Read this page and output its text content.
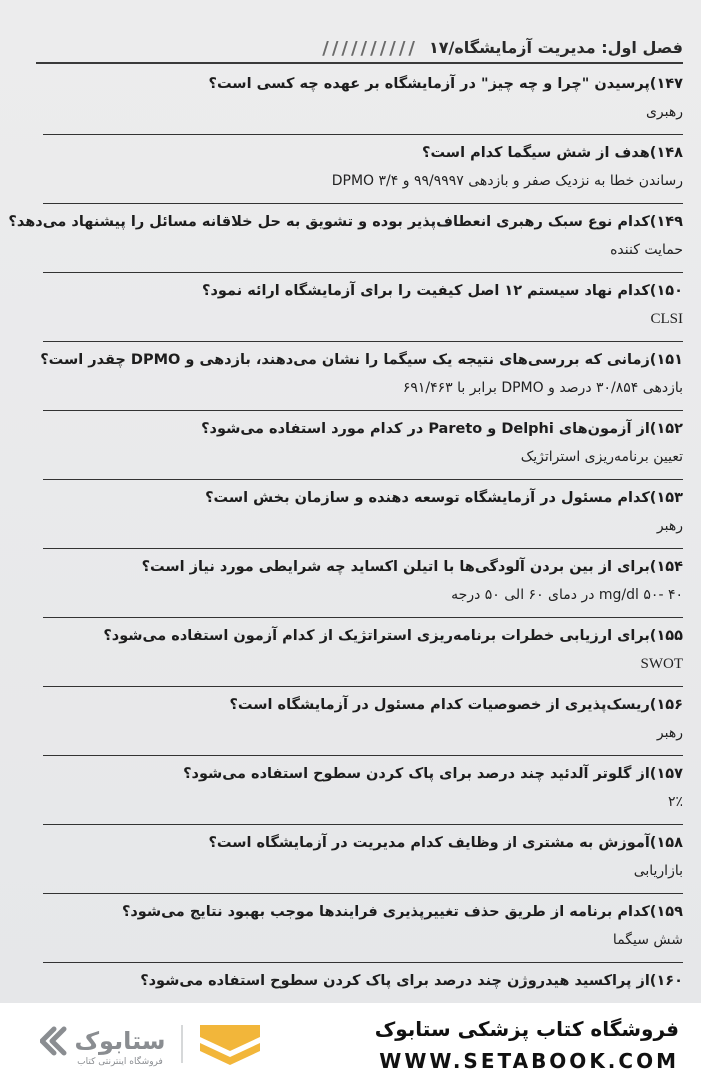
فصل اول: مدیریت آزمایشگاه/۱۷
//////////
۱۴۷)پرسیدن "چرا و چه چیز" در آزمایشگاه بر عهده چه کسی است؟
رهبری
۱۴۸)هدف از شش سیگما کدام است؟
رساندن خطا به نزدیک صفر و بازدهی ۹۹/۹۹۹۷ و ۳/۴ DPMO
۱۴۹)کدام نوع سبک رهبری انعطاف‌پذیر بوده و تشویق به حل خلاقانه مسائل را پیشنهاد می‌دهد؟
حمایت کننده
۱۵۰)کدام نهاد سیستم ۱۲ اصل کیفیت را برای آزمایشگاه ارائه نمود؟
CLSI
۱۵۱)زمانی که بررسی‌های نتیجه یک سیگما را نشان می‌دهند، بازدهی و DPMO چقدر است؟
بازدهی ۳۰/۸۵۴ درصد و DPMO برابر با ۶۹۱/۴۶۳
۱۵۲)از آزمون‌های Delphi و Pareto در کدام مورد استفاده می‌شود؟
تعیین برنامه‌ریزی استراتژیک
۱۵۳)کدام مسئول در آزمایشگاه توسعه دهنده و سازمان بخش است؟
رهبر
۱۵۴)برای از بین بردن آلودگی‌ها با اتیلن اکساید چه شرایطی مورد نیاز است؟
۴۰ -۵۰ mg/dl در دمای ۶۰ الی ۵۰ درجه
۱۵۵)برای ارزیابی خطرات برنامه‌ریزی استراتژیک از کدام آزمون استفاده می‌شود؟
SWOT
۱۵۶)ریسک‌پذیری از خصوصیات کدام مسئول در آزمایشگاه است؟
رهبر
۱۵۷)از گلوتر آلدئید چند درصد برای پاک کردن سطوح استفاده می‌شود؟
۲٪
۱۵۸)آموزش به مشتری از وظایف کدام مدیریت در آزمایشگاه است؟
بازاریابی
۱۵۹)کدام برنامه از طریق حذف تغییرپذیری فرایندها موجب بهبود نتایج می‌شود؟
شش سیگما
۱۶۰)از پراکسید هیدروژن چند درصد برای پاک کردن سطوح استفاده می‌شود؟
ستابوک
فروشگاه اینترنتی کتاب
فروشگاه کتاب پزشکی ستابوک
WWW.SETABOOK.COM
